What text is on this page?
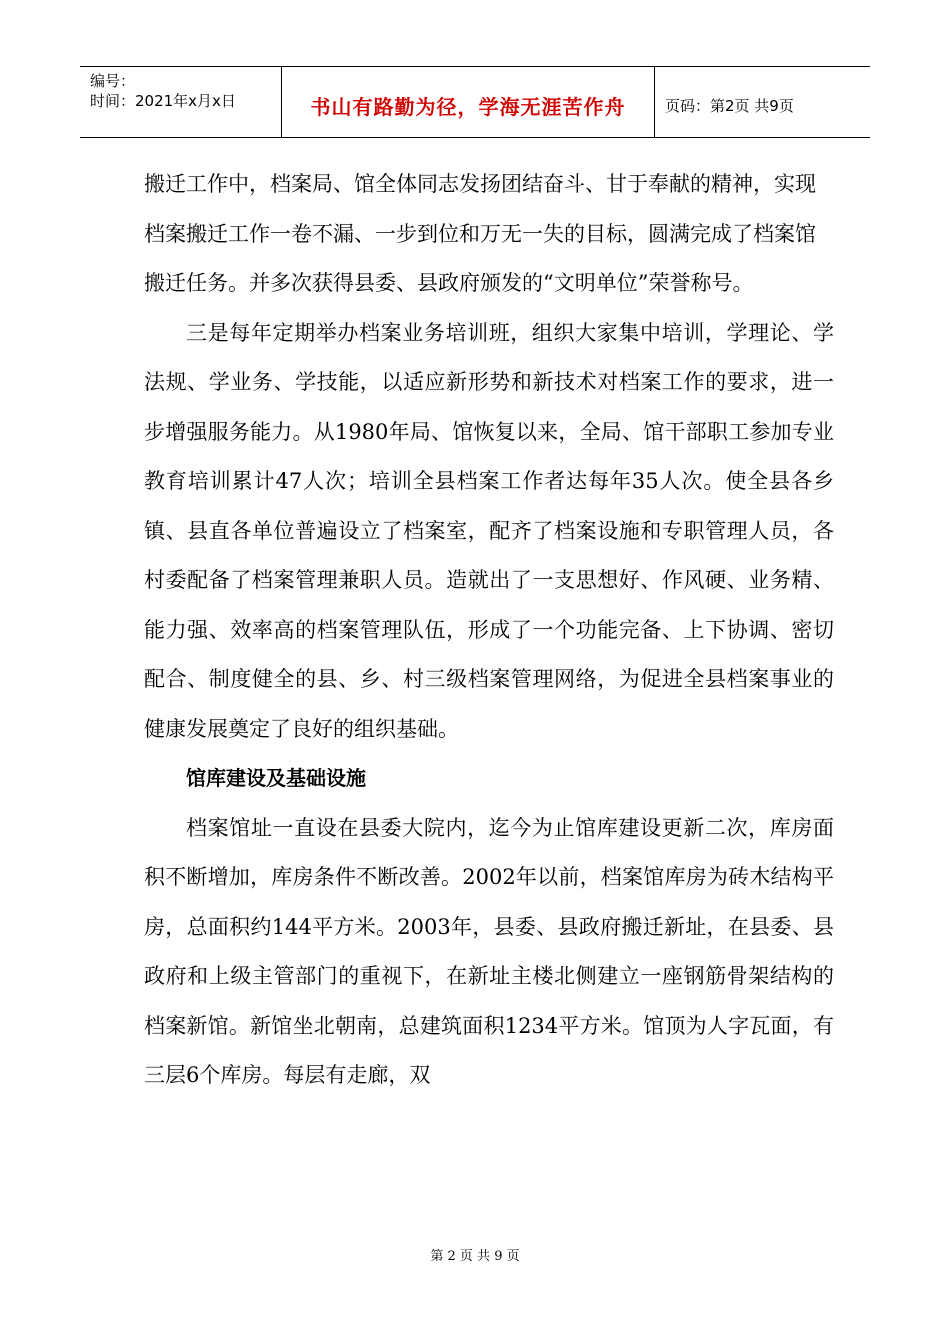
编号：
时间：2021年x月x日	书山有路勤为径，学海无涯苦作舟	页码：第2页 共9页

搬迁工作中，档案局、馆全体同志发扬团结奋斗、甘于奉献的精神，实现档案搬迁工作一卷不漏、一步到位和万无一失的目标，圆满完成了档案馆搬迁任务。并多次获得县委、县政府颁发的“文明单位”荣誉称号。

三是每年定期举办档案业务培训班，组织大家集中培训，学理论、学法规、学业务、学技能，以适应新形势和新技术对档案工作的要求，进一步增强服务能力。从1980年局、馆恢复以来，全局、馆干部职工参加专业教育培训累计47人次；培训全县档案工作者达每年35人次。使全县各乡镇、县直各单位普遍设立了档案室，配齐了档案设施和专职管理人员，各村委配备了档案管理兼职人员。造就出了一支思想好、作风硬、业务精、能力强、效率高的档案管理队伍，形成了一个功能完备、上下协调、密切配合、制度健全的县、乡、村三级档案管理网络，为促进全县档案事业的健康发展奠定了良好的组织基础。

馆库建设及基础设施

档案馆址一直设在县委大院内，迄今为止馆库建设更新二次，库房面积不断增加，库房条件不断改善。2002年以前，档案馆库房为砖木结构平房，总面积约144平方米。2003年，县委、县政府搬迁新址，在县委、县政府和上级主管部门的重视下，在新址主楼北侧建立一座钢筋骨架结构的档案新馆。新馆坐北朝南，总建筑面积1234平方米。馆顶为人字瓦面，有三层6个库房。每层有走廊，双

第 2 页 共 9 页
